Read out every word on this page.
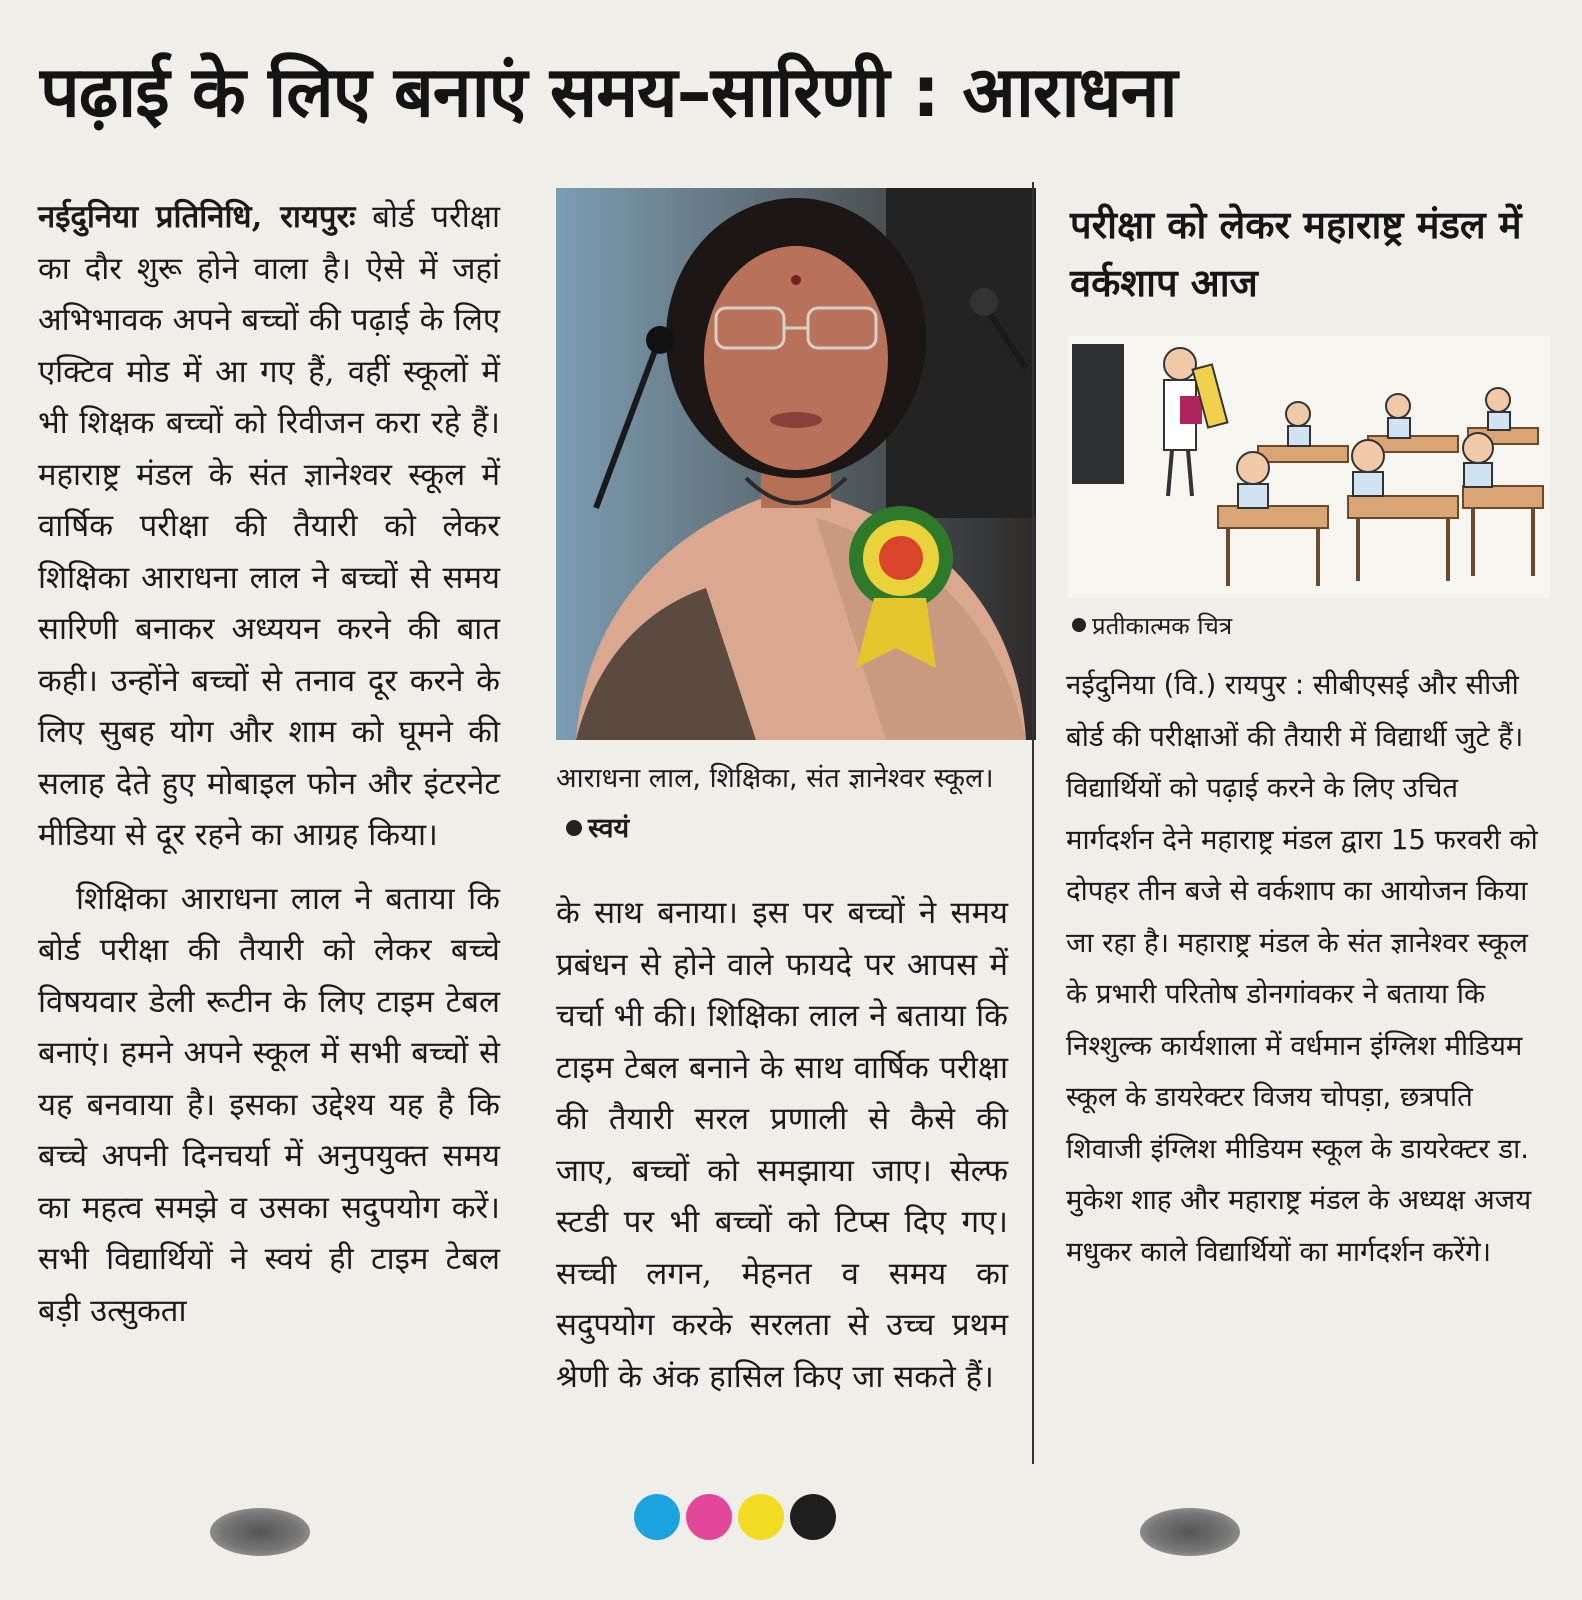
पढ़ाई के लिए बनाएं समय–सारिणी : आराधना

नईदुनिया प्रतिनिधि, रायपुरः बोर्ड परीक्षा का दौर शुरू होने वाला है। ऐसे में जहां अभिभावक अपने बच्चों की पढ़ाई के लिए एक्टिव मोड में आ गए हैं, वहीं स्कूलों में भी शिक्षक बच्चों को रिवीजन करा रहे हैं। महाराष्ट्र मंडल के संत ज्ञानेश्वर स्कूल में वार्षिक परीक्षा की तैयारी को लेकर शिक्षिका आराधना लाल ने बच्चों से समय सारिणी बनाकर अध्ययन करने की बात कही। उन्होंने बच्चों से तनाव दूर करने के लिए सुबह योग और शाम को घूमने की सलाह देते हुए मोबाइल फोन और इंटरनेट मीडिया से दूर रहने का आग्रह किया।

शिक्षिका आराधना लाल ने बताया कि बोर्ड परीक्षा की तैयारी को लेकर बच्चे विषयवार डेली रूटीन के लिए टाइम टेबल बनाएं। हमने अपने स्कूल में सभी बच्चों से यह बनवाया है। इसका उद्देश्य यह है कि बच्चे अपनी दिनचर्या में अनुपयुक्त समय का महत्व समझे व उसका सदुपयोग करें। सभी विद्यार्थियों ने स्वयं ही टाइम टेबल बड़ी उत्सुकता

आराधना लाल, शिक्षिका, संत ज्ञानेश्वर स्कूल।स्वयं

के साथ बनाया। इस पर बच्चों ने समय प्रबंधन से होने वाले फायदे पर आपस में चर्चा भी की। शिक्षिका लाल ने बताया कि टाइम टेबल बनाने के साथ वार्षिक परीक्षा की तैयारी सरल प्रणाली से कैसे की जाए, बच्चों को समझाया जाए। सेल्फ स्टडी पर भी बच्चों को टिप्स दिए गए। सच्ची लगन, मेहनत व समय का सदुपयोग करके सरलता से उच्च प्रथम श्रेणी के अंक हासिल किए जा सकते हैं।

परीक्षा को लेकर महाराष्ट्र मंडल में वर्कशाप आज
प्रतीकात्मक चित्र

नईदुनिया (वि.) रायपुर : सीबीएसई और सीजी बोर्ड की परीक्षाओं की तैयारी में विद्यार्थी जुटे हैं। विद्यार्थियों को पढ़ाई करने के लिए उचित मार्गदर्शन देने महाराष्ट्र मंडल द्वारा 15 फरवरी को दोपहर तीन बजे से वर्कशाप का आयोजन किया जा रहा है। महाराष्ट्र मंडल के संत ज्ञानेश्वर स्कूल के प्रभारी परितोष डोनगांवकर ने बताया कि निश्शुल्क कार्यशाला में वर्धमान इंग्लिश मीडियम स्कूल के डायरेक्टर विजय चोपड़ा, छत्रपति शिवाजी इंग्लिश मीडियम स्कूल के डायरेक्टर डा. मुकेश शाह और महाराष्ट्र मंडल के अध्यक्ष अजय मधुकर काले विद्यार्थियों का मार्गदर्शन करेंगे।
